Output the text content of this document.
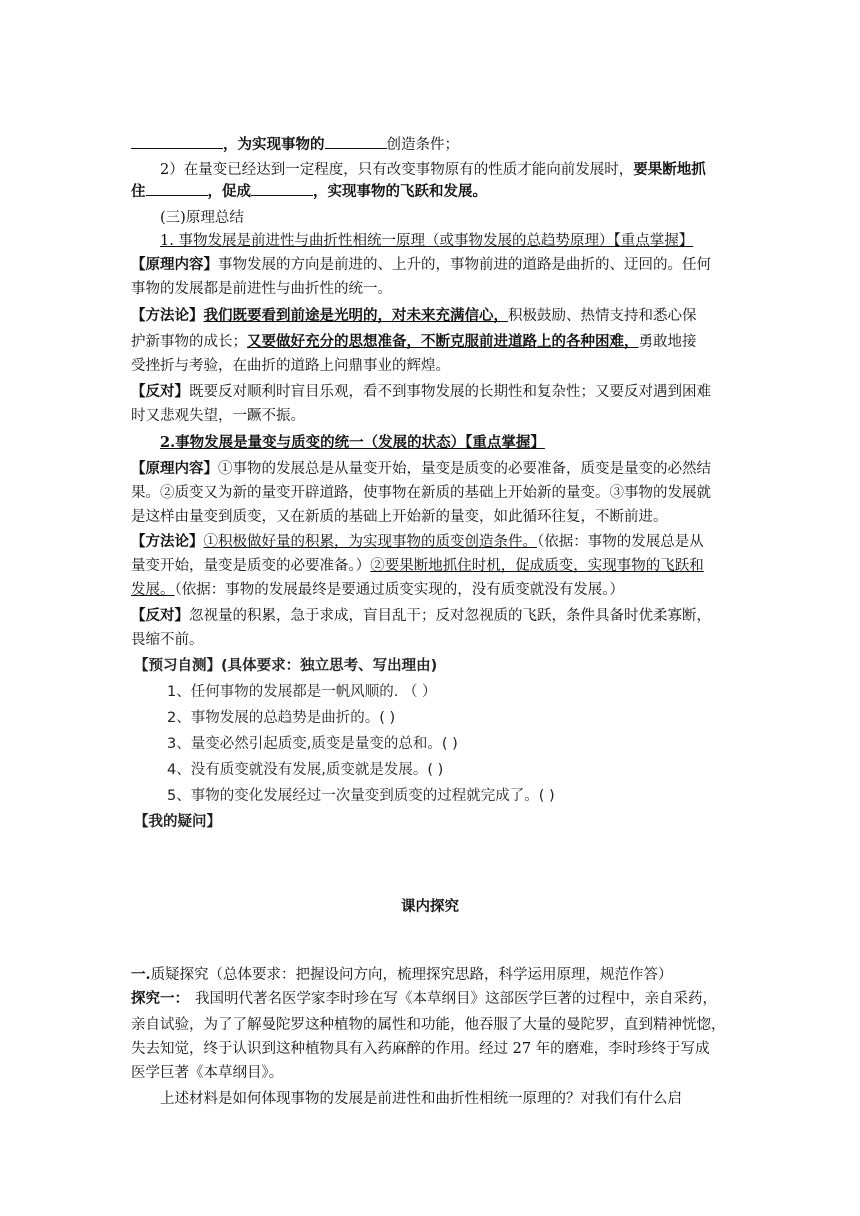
，为实现事物的	创造条件；
2）在量变已经达到一定程度，只有改变事物原有的性质才能向前发展时，要果断地抓
住	，促成	，实现事物的飞跃和发展。
(三)原理总结
1. 事物发展是前进性与曲折性相统一原理（或事物发展的总趋势原理）【重点掌握】
【原理内容】事物发展的方向是前进的、上升的，事物前进的道路是曲折的、迂回的。任何
事物的发展都是前进性与曲折性的统一。
【方法论】我们既要看到前途是光明的，对未来充满信心，积极鼓励、热情支持和悉心保
护新事物的成长；又要做好充分的思想准备，不断克服前进道路上的各种困难，勇敢地接
受挫折与考验，在曲折的道路上问鼎事业的辉煌。
【反对】既要反对顺利时盲目乐观，看不到事物发展的长期性和复杂性；又要反对遇到困难
时又悲观失望，一蹶不振。
2.事物发展是量变与质变的统一（发展的状态）【重点掌握】
【原理内容】①事物的发展总是从量变开始，量变是质变的必要准备，质变是量变的必然结
果。②质变又为新的量变开辟道路，使事物在新质的基础上开始新的量变。③事物的发展就
是这样由量变到质变，又在新质的基础上开始新的量变，如此循环往复，不断前进。
【方法论】①积极做好量的积累，为实现事物的质变创造条件。（依据：事物的发展总是从
量变开始，量变是质变的必要准备。）②要果断地抓住时机，促成质变，实现事物的飞跃和
发展。（依据：事物的发展最终是要通过质变实现的，没有质变就没有发展。）
【反对】忽视量的积累，急于求成，盲目乱干；反对忽视质的飞跃，条件具备时优柔寡断，
畏缩不前。
【预习自测】(具体要求：独立思考、写出理由)
1、任何事物的发展都是一帆风顺的. （ ）
2、事物发展的总趋势是曲折的。( )
3、量变必然引起质变,质变是量变的总和。( )
4、没有质变就没有发展,质变就是发展。( )
5、事物的变化发展经过一次量变到质变的过程就完成了。( )
【我的疑问】
课内探究
一.质疑探究（总体要求：把握设问方向，梳理探究思路，科学运用原理，规范作答）
探究一： 我国明代著名医学家李时珍在写《本草纲目》这部医学巨著的过程中，亲自采药，
亲自试验，为了了解曼陀罗这种植物的属性和功能，他吞服了大量的曼陀罗，直到精神恍惚，
失去知觉，终于认识到这种植物具有入药麻醉的作用。经过 27 年的磨难，李时珍终于写成
医学巨著《本草纲目》。
上述材料是如何体现事物的发展是前进性和曲折性相统一原理的？对我们有什么启
